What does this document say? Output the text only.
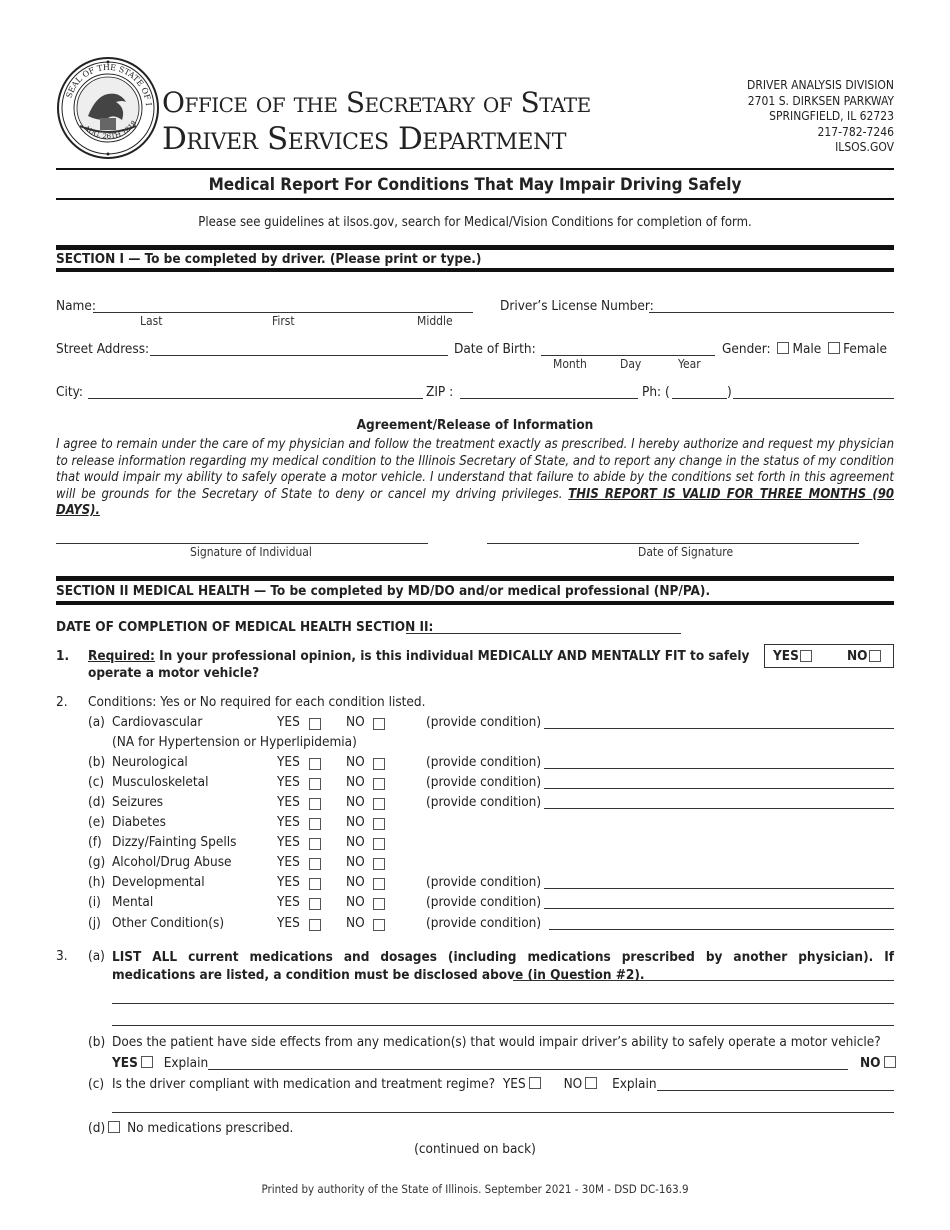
SEAL OF THE STATE OF I
AUG. 26TH 1818
Office of the Secretary of State
Driver Services Department
DRIVER ANALYSIS DIVISION
2701 S. DIRKSEN PARKWAY
SPRINGFIELD, IL 62723
217-782-7246
ILSOS.GOV
Medical Report For Conditions That May Impair Driving Safely
Please see guidelines at ilsos.gov, search for Medical/Vision Conditions for completion of form.
SECTION I — To be completed by driver. (Please print or type.)
Name:
Last	First	Middle
Driver’s License Number:
Street Address:	Date of Birth:
Month	Day	Year
Gender: Male Female
City:	ZIP :	Ph: (	)
Agreement/Release of Information
I agree to remain under the care of my physician and follow the treatment exactly as prescribed. I hereby authorize and request my physician to release information regarding my medical condition to the Illinois Secretary of State, and to report any change in the status of my condition that would impair my ability to safely operate a motor vehicle. I understand that failure to abide by the conditions set forth in this agreement will be grounds for the Secretary of State to deny or cancel my driving privileges. THIS REPORT IS VALID FOR THREE MONTHS (90 DAYS).
Signature of Individual	Date of Signature
SECTION II MEDICAL HEALTH — To be completed by MD/DO and/or medical professional (NP/PA).
DATE OF COMPLETION OF MEDICAL HEALTH SECTION II:
1. Required: In your professional opinion, is this individual MEDICALLY AND MENTALLY FIT to safely operate a motor vehicle?
YES	NO
2. Conditions: Yes or No required for each condition listed.
(a) Cardiovascular	YES	NO	(provide condition)
(NA for Hypertension or Hyperlipidemia)
(b) Neurological	YES	NO	(provide condition)
(c) Musculoskeletal	YES	NO	(provide condition)
(d) Seizures	YES	NO	(provide condition)
(e) Diabetes	YES	NO
(f) Dizzy/Fainting Spells	YES	NO
(g) Alcohol/Drug Abuse	YES	NO
(h) Developmental	YES	NO	(provide condition)
(i) Mental	YES	NO	(provide condition)
(j) Other Condition(s)	YES	NO	(provide condition)
3. (a) LIST ALL current medications and dosages (including medications prescribed by another physician). If medications are listed, a condition must be disclosed above (in Question #2).
(b) Does the patient have side effects from any medication(s) that would impair driver’s ability to safely operate a motor vehicle?
YES Explain	NO
(c) Is the driver compliant with medication and treatment regime? YES	NO Explain
(d) No medications prescribed.
(continued on back)
Printed by authority of the State of Illinois. September 2021 - 30M - DSD DC-163.9
